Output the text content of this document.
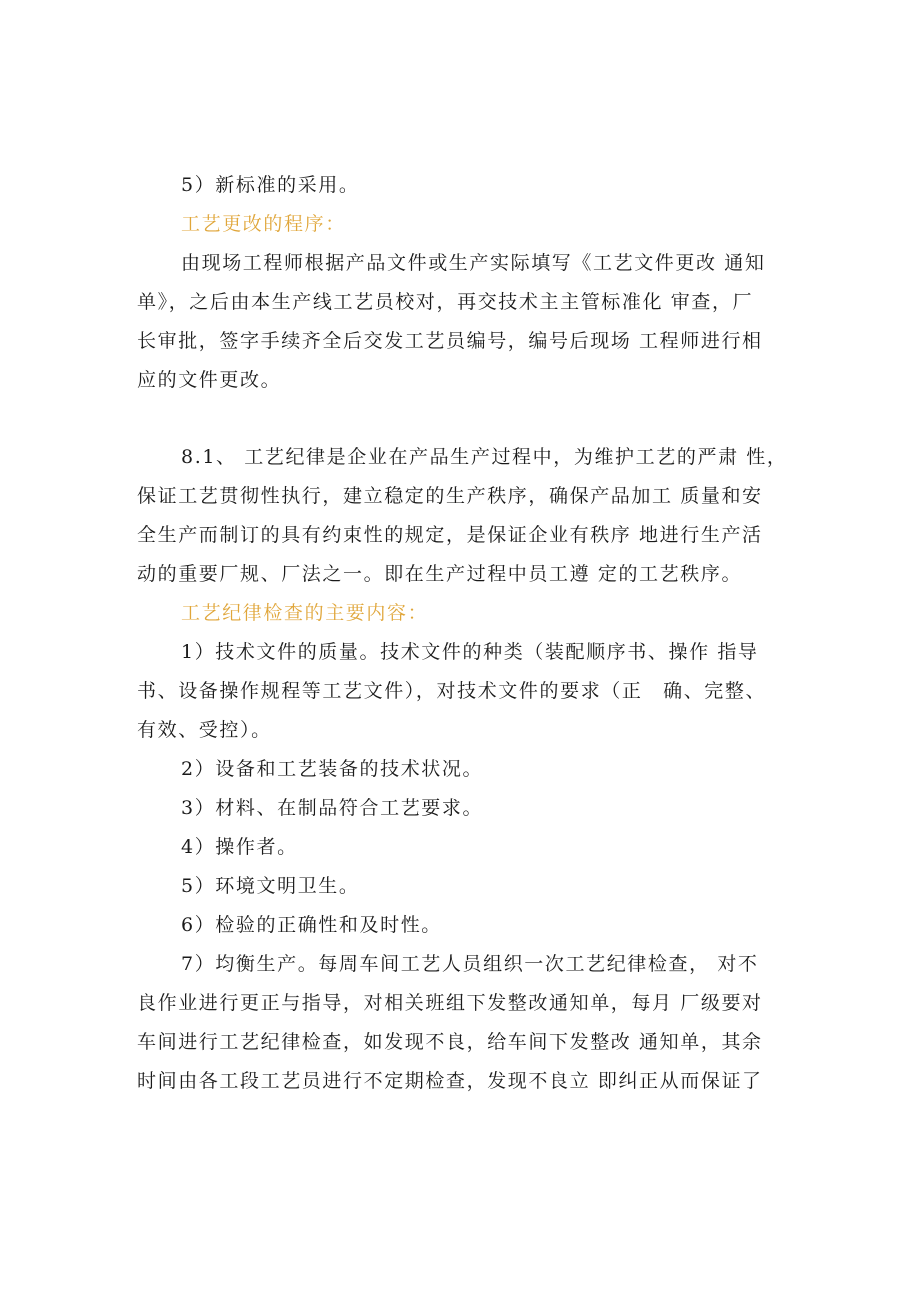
5）新标准的采用。
工艺更改的程序：
由现场工程师根据产品文件或生产实际填写《工艺文件更改 通知
单》，之后由本生产线工艺员校对，再交技术主主管标准化 审查，厂
长审批，签字手续齐全后交发工艺员编号，编号后现场 工程师进行相
应的文件更改。
8.1、 工艺纪律是企业在产品生产过程中，为维护工艺的严肃 性，
保证工艺贯彻性执行，建立稳定的生产秩序，确保产品加工 质量和安
全生产而制订的具有约束性的规定，是保证企业有秩序 地进行生产活
动的重要厂规、厂法之一。即在生产过程中员工遵 定的工艺秩序。
工艺纪律检查的主要内容：
1）技术文件的质量。技术文件的种类（装配顺序书、操作 指导
书、设备操作规程等工艺文件），对技术文件的要求（正　确、完整、
有效、受控）。
2）设备和工艺装备的技术状况。
3）材料、在制品符合工艺要求。
4）操作者。
5）环境文明卫生。
6）检验的正确性和及时性。
7）均衡生产。每周车间工艺人员组织一次工艺纪律检查， 对不
良作业进行更正与指导，对相关班组下发整改通知单，每月 厂级要对
车间进行工艺纪律检查，如发现不良，给车间下发整改 通知单，其余
时间由各工段工艺员进行不定期检查，发现不良立 即纠正从而保证了
